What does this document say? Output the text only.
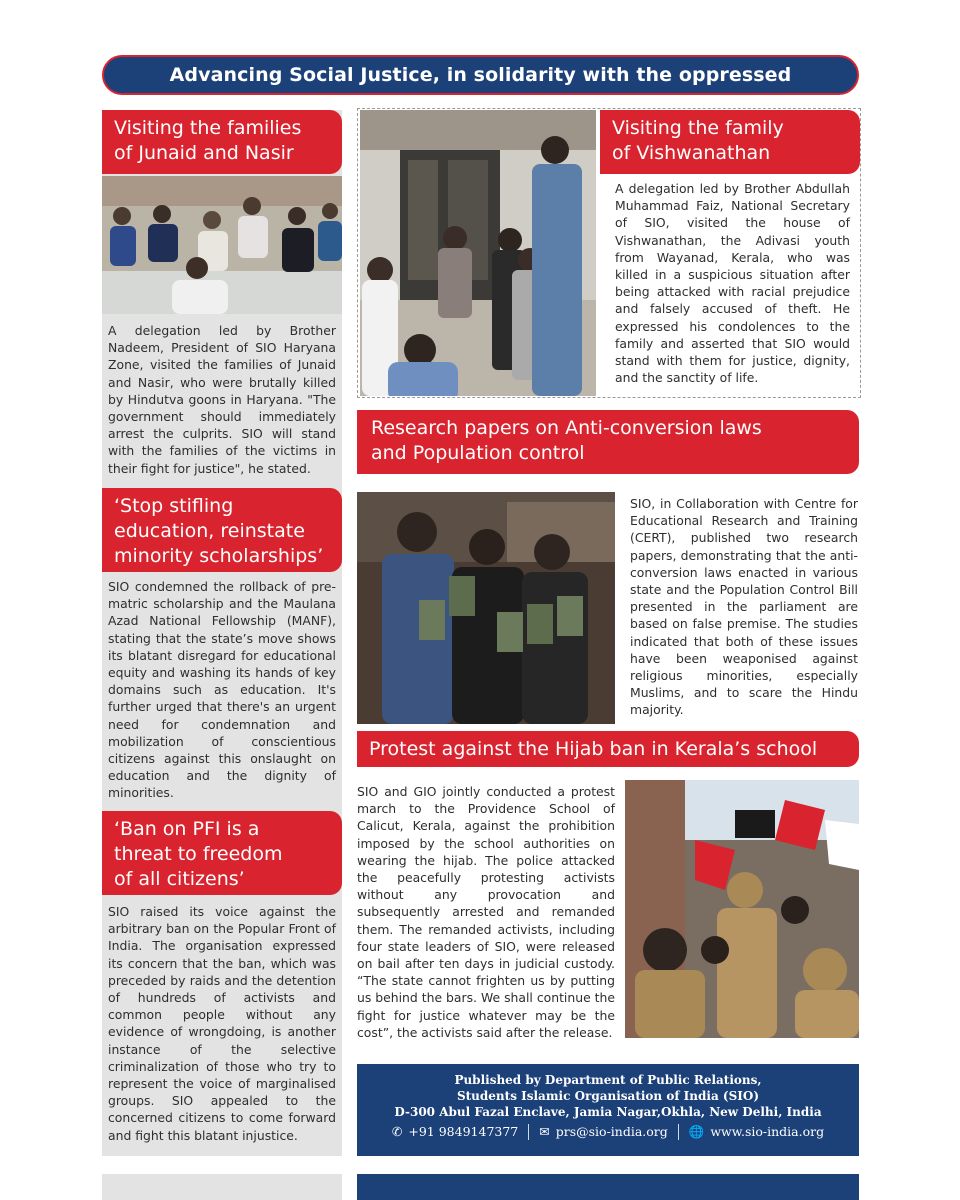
Advancing Social Justice, in solidarity with the oppressed
Visiting the families
of Junaid and Nasir
A delegation led by Brother Nadeem, President of SIO Haryana Zone, visited the families of Junaid and Nasir, who were brutally killed by Hindutva goons in Haryana. "The government should immediately arrest the culprits. SIO will stand with the families of the victims in their fight for justice", he stated.
‘Stop stifling
education, reinstate
minority scholarships’
SIO condemned the rollback of pre-matric scholarship and the Maulana Azad National Fellowship (MANF), stating that the state’s move shows its blatant disregard for educational equity and washing its hands of key domains such as education. It's further urged that there's an urgent need for condemnation and mobilization of conscientious citizens against this onslaught on education and the dignity of minorities.
‘Ban on PFI is a
threat to freedom
of all citizens’
SIO raised its voice against the arbitrary ban on the Popular Front of India. The organisation expressed its concern that the ban, which was preceded by raids and the detention of hundreds of activists and common people without any evidence of wrongdoing, is another instance of the selective criminalization of those who try to represent the voice of marginalised groups. SIO appealed to the concerned citizens to come forward and fight this blatant injustice.
Visiting the family
of Vishwanathan
A delegation led by Brother Abdullah Muhammad Faiz, National Secretary of SIO, visited the house of Vishwanathan, the Adivasi youth from Wayanad, Kerala, who was killed in a suspicious situation after being attacked with racial prejudice and falsely accused of theft. He expressed his condolences to the family and asserted that SIO would stand with them for justice, dignity, and the sanctity of life.
Research papers on Anti-conversion laws
and Population control
SIO, in Collaboration with Centre for Educational Research and Training (CERT), published two research papers, demonstrating that the anti-conversion laws enacted in various state and the Population Control Bill presented in the parliament are based on false premise. The studies indicated that both of these issues have been weaponised against religious minorities, especially Muslims, and to scare the Hindu majority.
Protest against the Hijab ban in Kerala’s school
SIO and GIO jointly conducted a protest march to the Providence School of Calicut, Kerala, against the prohibition imposed by the school authorities on wearing the hijab. The police attacked the peacefully protesting activists without any provocation and subsequently arrested and remanded them. The remanded activists, including four state leaders of SIO, were released on bail after ten days in judicial custody. “The state cannot frighten us by putting us behind the bars. We shall continue the fight for justice whatever may be the cost”, the activists said after the release.
Published by Department of Public Relations,
Students Islamic Organisation of India (SIO)
D-300 Abul Fazal Enclave, Jamia Nagar,Okhla, New Delhi, India
✆ +91 9849147377 ✉ prs@sio-india.org 🌐 www.sio-india.org
